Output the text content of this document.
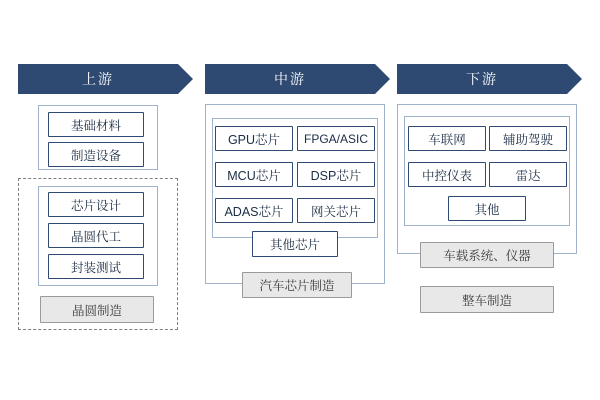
上游
基础材料
制造设备
芯片设计
晶圆代工
封装测试
晶圆制造
中游
GPU芯片 FPGA/ASIC
MCU芯片 DSP芯片
ADAS芯片 网关芯片
其他芯片
汽车芯片制造
下游
车联网	辅助驾驶
中控仪表	雷达
其他
车载系统、仪器
整车制造
